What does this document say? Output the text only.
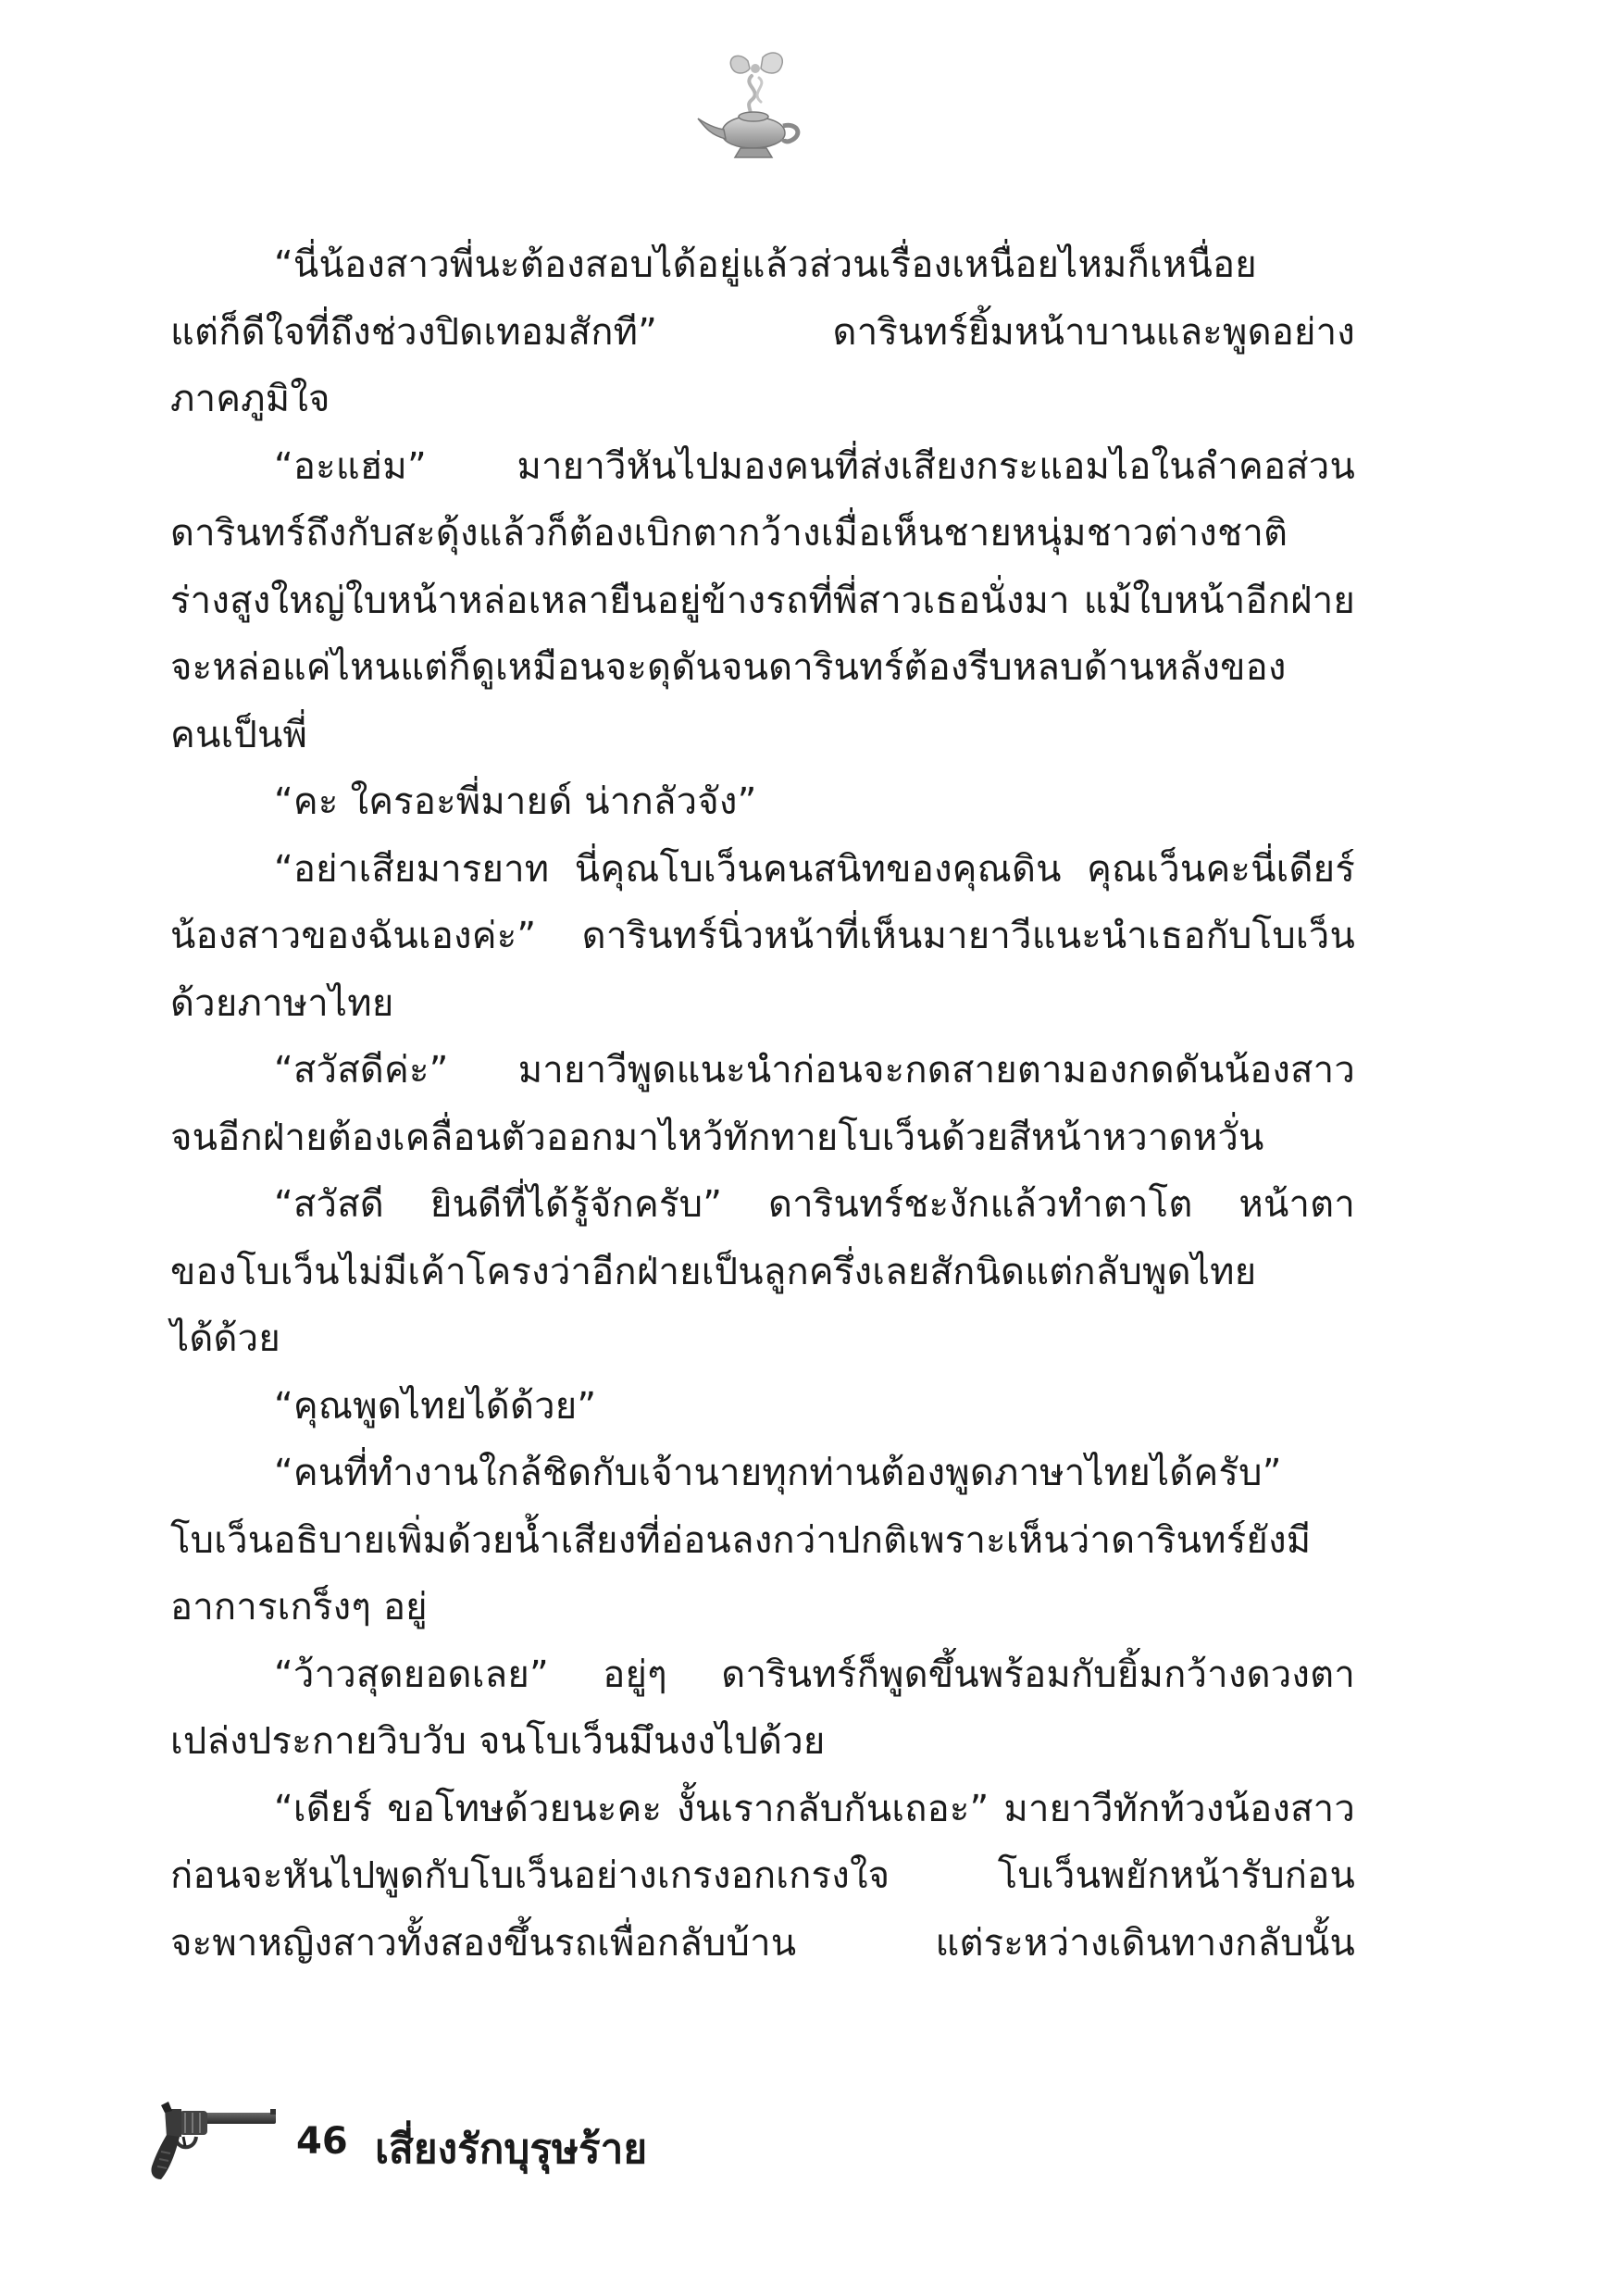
“นี่น้องสาวพี่นะต้องสอบได้อยู่แล้วส่วนเรื่องเหนื่อยไหมก็เหนื่อย
แต่ก็ดีใจที่ถึงช่วงปิดเทอมสักที” ดารินทร์ยิ้มหน้าบานและพูดอย่าง
ภาคภูมิใจ
“อะแฮ่ม” มายาวีหันไปมองคนที่ส่งเสียงกระแอมไอในลำคอส่วน
ดารินทร์ถึงกับสะดุ้งแล้วก็ต้องเบิกตากว้างเมื่อเห็นชายหนุ่มชาวต่างชาติ
ร่างสูงใหญ่ใบหน้าหล่อเหลายืนอยู่ข้างรถที่พี่สาวเธอนั่งมา แม้ใบหน้าอีกฝ่าย
จะหล่อแค่ไหนแต่ก็ดูเหมือนจะดุดันจนดารินทร์ต้องรีบหลบด้านหลังของ
คนเป็นพี่
“คะ ใครอะพี่มายด์ น่ากลัวจัง”
“อย่าเสียมารยาท นี่คุณโบเว็นคนสนิทของคุณดิน คุณเว็นคะนี่เดียร์
น้องสาวของฉันเองค่ะ” ดารินทร์นิ่วหน้าที่เห็นมายาวีแนะนำเธอกับโบเว็น
ด้วยภาษาไทย
“สวัสดีค่ะ” มายาวีพูดแนะนำก่อนจะกดสายตามองกดดันน้องสาว
จนอีกฝ่ายต้องเคลื่อนตัวออกมาไหว้ทักทายโบเว็นด้วยสีหน้าหวาดหวั่น
“สวัสดี ยินดีที่ได้รู้จักครับ” ดารินทร์ชะงักแล้วทำตาโต หน้าตา
ของโบเว็นไม่มีเค้าโครงว่าอีกฝ่ายเป็นลูกครึ่งเลยสักนิดแต่กลับพูดไทย
ได้ด้วย
“คุณพูดไทยได้ด้วย”
“คนที่ทำงานใกล้ชิดกับเจ้านายทุกท่านต้องพูดภาษาไทยได้ครับ”
โบเว็นอธิบายเพิ่มด้วยน้ำเสียงที่อ่อนลงกว่าปกติเพราะเห็นว่าดารินทร์ยังมี
อาการเกร็งๆ อยู่
“ว้าวสุดยอดเลย” อยู่ๆ ดารินทร์ก็พูดขึ้นพร้อมกับยิ้มกว้างดวงตา
เปล่งประกายวิบวับ จนโบเว็นมึนงงไปด้วย
“เดียร์ ขอโทษด้วยนะคะ งั้นเรากลับกันเถอะ” มายาวีทักท้วงน้องสาว
ก่อนจะหันไปพูดกับโบเว็นอย่างเกรงอกเกรงใจ โบเว็นพยักหน้ารับก่อน
จะพาหญิงสาวทั้งสองขึ้นรถเพื่อกลับบ้าน แต่ระหว่างเดินทางกลับนั้น
46 เสี่ยงรักบุรุษร้าย
